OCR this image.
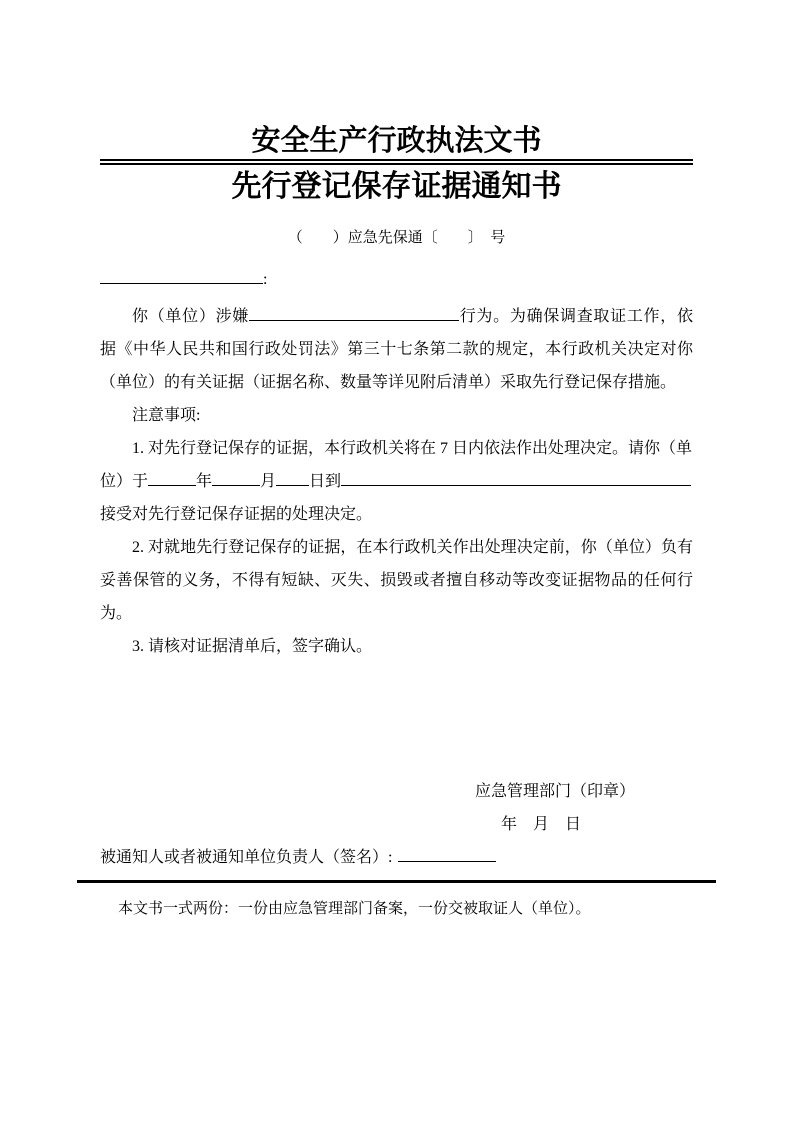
安全生产行政执法文书
先行登记保存证据通知书
（　　）应急先保通〔　　〕　号
:

你（单位）涉嫌	行为。为确保调查取证工作，依据《中华人民共和国行政处罚法》第三十七条第二款的规定，本行政机关决定对你（单位）的有关证据（证据名称、数量等详见附后清单）采取先行登记保存措施。

注意事项:

1. 对先行登记保存的证据，本行政机关将在 7 日内依法作出处理决定。请你（单
位）于	年	月 日到
接受对先行登记保存证据的处理决定。

2. 对就地先行登记保存的证据，在本行政机关作出处理决定前，你（单位）负有妥善保管的义务，不得有短缺、灭失、损毁或者擅自移动等改变证据物品的任何行为。

3. 请核对证据清单后，签字确认。

应急管理部门（印章）
年　月　日
被通知人或者被通知单位负责人（签名）:

本文书一式两份：一份由应急管理部门备案，一份交被取证人（单位）。
